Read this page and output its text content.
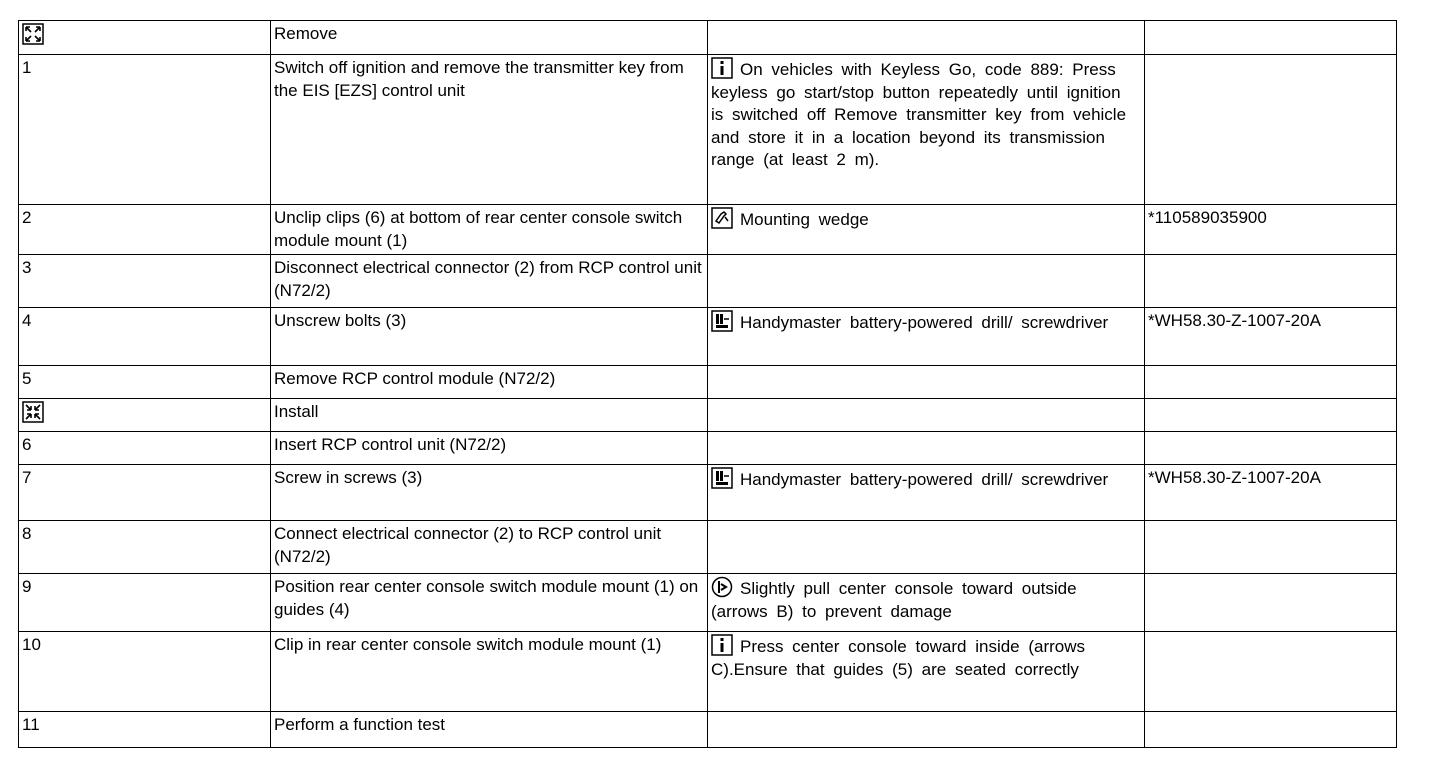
	Remove		
1	Switch off ignition and remove the transmitter key from the EIS [EZS] control unit	On vehicles with Keyless Go, code 889: Press keyless go start/stop button repeatedly until ignition is switched off Remove transmitter key from vehicle and store it in a location beyond its transmission range (at least 2 m).	
2	Unclip clips (6) at bottom of rear center console switch module mount (1)	Mounting wedge	*110589035900
3	Disconnect electrical connector (2) from RCP control unit (N72/2)		
4	Unscrew bolts (3)	Handymaster battery-powered drill/ screwdriver	*WH58.30-Z-1007-20A
5	Remove RCP control module (N72/2)		

	Install		
6	Insert RCP control unit (N72/2)		
7	Screw in screws (3)	Handymaster battery-powered drill/ screwdriver	*WH58.30-Z-1007-20A
8	Connect electrical connector (2) to RCP control unit (N72/2)		
9	Position rear center console switch module mount (1) on guides (4)	Slightly pull center console toward outside (arrows B) to prevent damage	
10	Clip in rear center console switch module mount (1)	Press center console toward inside (arrows C).Ensure that guides (5) are seated correctly	
11	Perform a function test		
